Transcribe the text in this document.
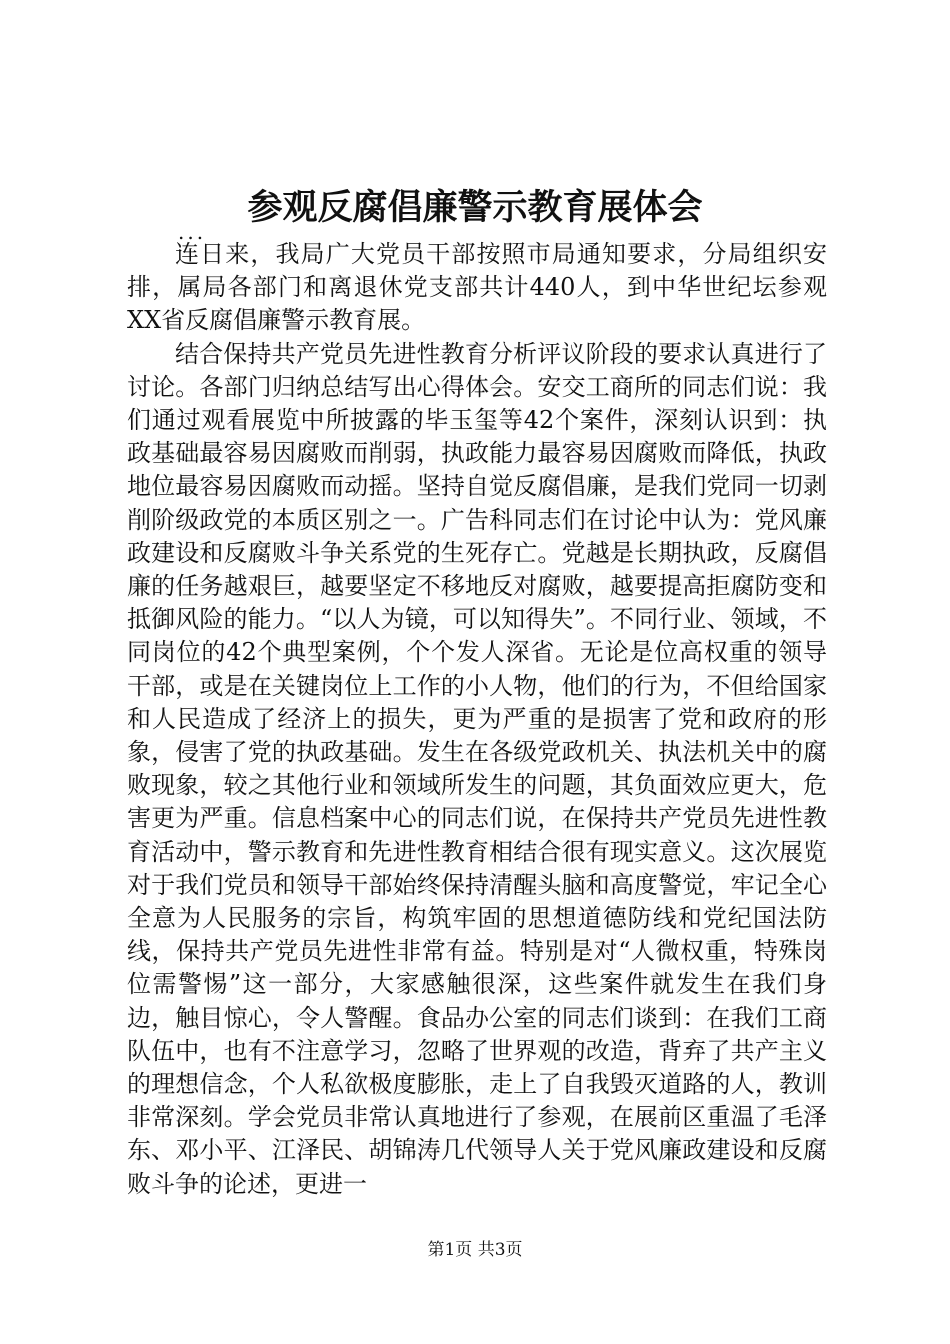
参观反腐倡廉警示教育展体会
...

连日来，我局广大党员干部按照市局通知要求，分局组织安排，属局各部门和离退休党支部共计440人，到中华世纪坛参观XX省反腐倡廉警示教育展。

结合保持共产党员先进性教育分析评议阶段的要求认真进行了讨论。各部门归纳总结写出心得体会。安交工商所的同志们说：我们通过观看展览中所披露的毕玉玺等42个案件，深刻认识到：执政基础最容易因腐败而削弱，执政能力最容易因腐败而降低，执政地位最容易因腐败而动摇。坚持自觉反腐倡廉，是我们党同一切剥削阶级政党的本质区别之一。广告科同志们在讨论中认为：党风廉政建设和反腐败斗争关系党的生死存亡。党越是长期执政，反腐倡廉的任务越艰巨，越要坚定不移地反对腐败，越要提高拒腐防变和抵御风险的能力。“以人为镜，可以知得失”。不同行业、领域，不同岗位的42个典型案例，个个发人深省。无论是位高权重的领导干部，或是在关键岗位上工作的小人物，他们的行为，不但给国家和人民造成了经济上的损失，更为严重的是损害了党和政府的形象，侵害了党的执政基础。发生在各级党政机关、执法机关中的腐败现象，较之其他行业和领域所发生的问题，其负面效应更大，危害更为严重。信息档案中心的同志们说，在保持共产党员先进性教育活动中，警示教育和先进性教育相结合很有现实意义。这次展览对于我们党员和领导干部始终保持清醒头脑和高度警觉，牢记全心全意为人民服务的宗旨，构筑牢固的思想道德防线和党纪国法防线，保持共产党员先进性非常有益。特别是对“人微权重，特殊岗位需警惕”这一部分，大家感触很深，这些案件就发生在我们身边，触目惊心，令人警醒。食品办公室的同志们谈到：在我们工商队伍中，也有不注意学习，忽略了世界观的改造，背弃了共产主义的理想信念，个人私欲极度膨胀，走上了自我毁灭道路的人，教训非常深刻。学会党员非常认真地进行了参观，在展前区重温了毛泽东、邓小平、江泽民、胡锦涛几代领导人关于党风廉政建设和反腐败斗争的论述，更进一

第1页 共3页
